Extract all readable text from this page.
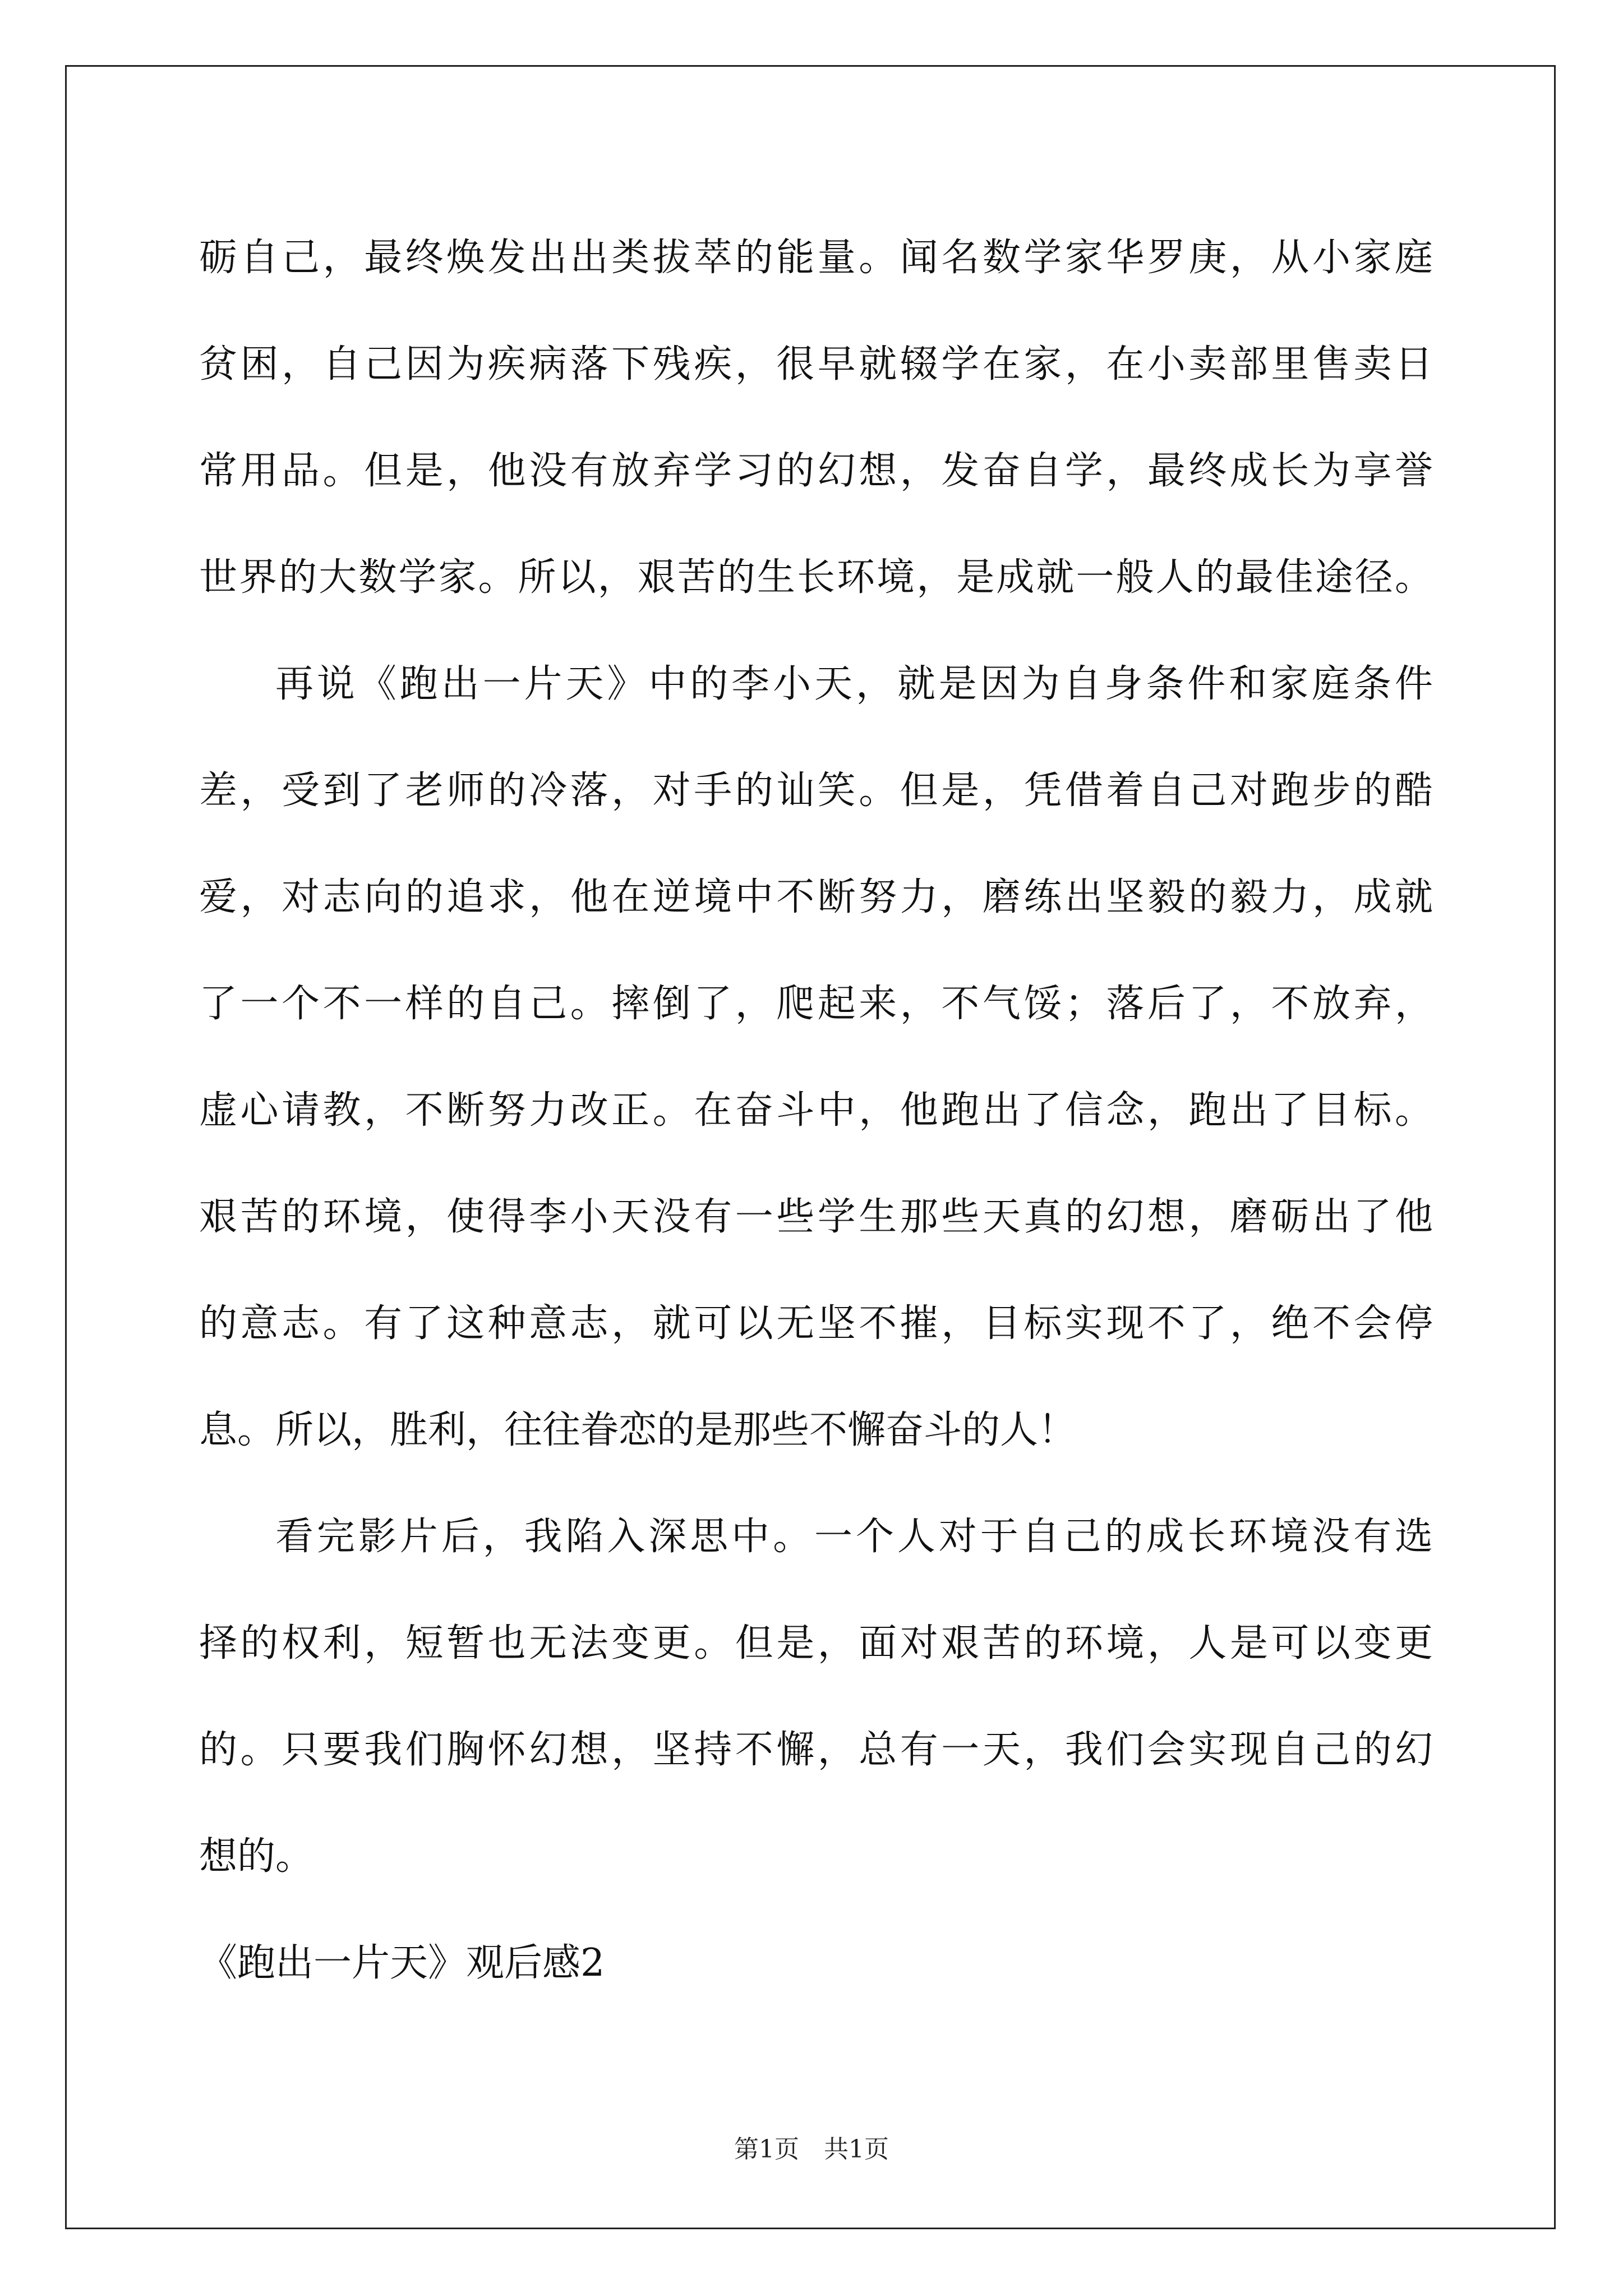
砺自己，最终焕发出出类拔萃的能量。闻名数学家华罗庚，从小家庭
贫困，自己因为疾病落下残疾，很早就辍学在家，在小卖部里售卖日
常用品。但是，他没有放弃学习的幻想，发奋自学，最终成长为享誉
世界的大数学家。所以，艰苦的生长环境，是成就一般人的最佳途径。
再说《跑出一片天》中的李小天，就是因为自身条件和家庭条件
差，受到了老师的冷落，对手的讪笑。但是，凭借着自己对跑步的酷
爱，对志向的追求，他在逆境中不断努力，磨练出坚毅的毅力，成就
了一个不一样的自己。摔倒了，爬起来，不气馁；落后了，不放弃，
虚心请教，不断努力改正。在奋斗中，他跑出了信念，跑出了目标。
艰苦的环境，使得李小天没有一些学生那些天真的幻想，磨砺出了他
的意志。有了这种意志，就可以无坚不摧，目标实现不了，绝不会停
息。所以，胜利，往往眷恋的是那些不懈奋斗的人！
看完影片后，我陷入深思中。一个人对于自己的成长环境没有选
择的权利，短暂也无法变更。但是，面对艰苦的环境，人是可以变更
的。只要我们胸怀幻想，坚持不懈，总有一天，我们会实现自己的幻
想的。
《跑出一片天》观后感2
第1页　共1页
